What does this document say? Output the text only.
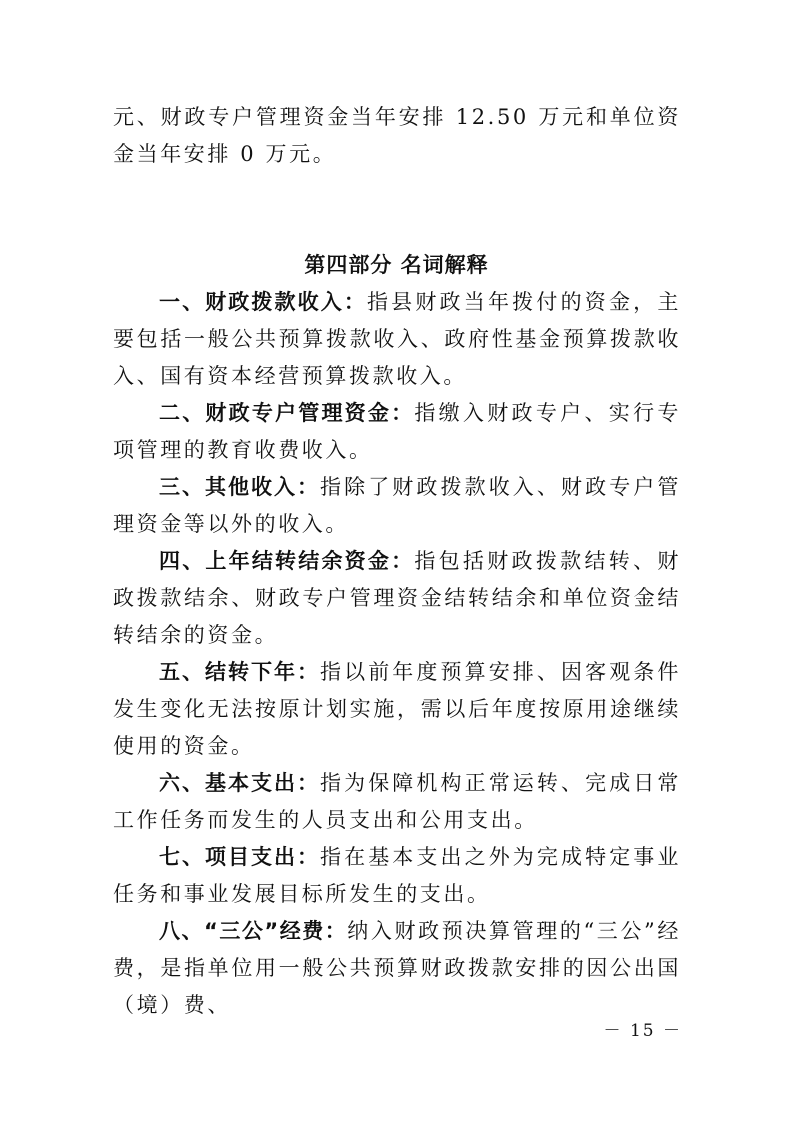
元、财政专户管理资金当年安排 12.50 万元和单位资金当年安排 0 万元。

第四部分 名词解释

一、财政拨款收入：指县财政当年拨付的资金，主要包括一般公共预算拨款收入、政府性基金预算拨款收入、国有资本经营预算拨款收入。

二、财政专户管理资金：指缴入财政专户、实行专项管理的教育收费收入。

三、其他收入：指除了财政拨款收入、财政专户管理资金等以外的收入。

四、上年结转结余资金：指包括财政拨款结转、财政拨款结余、财政专户管理资金结转结余和单位资金结转结余的资金。

五、结转下年：指以前年度预算安排、因客观条件发生变化无法按原计划实施，需以后年度按原用途继续使用的资金。

六、基本支出：指为保障机构正常运转、完成日常工作任务而发生的人员支出和公用支出。

七、项目支出：指在基本支出之外为完成特定事业任务和事业发展目标所发生的支出。

八、“三公”经费：纳入财政预决算管理的“三公”经费，是指单位用一般公共预算财政拨款安排的因公出国（境）费、

－ 15 －
